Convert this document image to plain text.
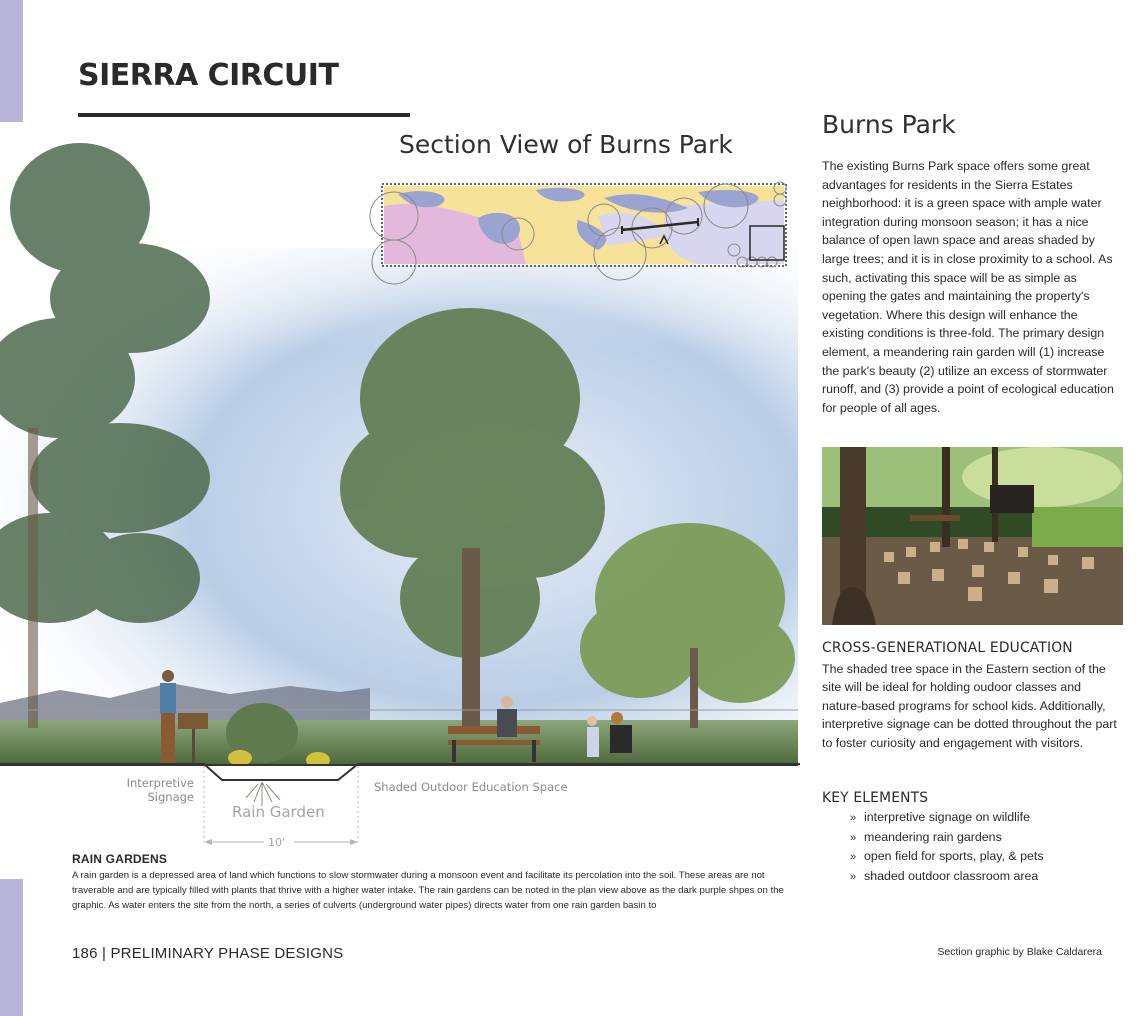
SIERRA CIRCUIT
Section View of Burns Park
Interpretive Signage
Shaded Outdoor Education Space
Rain Garden
10'
RAIN GARDENS
A rain garden is a depressed area of land which functions to slow stormwater during a monsoon event and facilitate its percolation into the soil. These areas are not traverable and are typically filled with plants that thrive with a higher water intake. The rain gardens can be noted in the plan view above as the dark purple shpes on the graphic. As water enters the site from the north, a series of culverts (underground water pipes) directs water from one rain garden basin to
186 | PRELIMINARY PHASE DESIGNS	Section graphic by Blake Caldarera
Burns Park
The existing Burns Park space offers some great advantages for residents in the Sierra Estates neighborhood: it is a green space with ample water integration during monsoon season; it has a nice balance of open lawn space and areas shaded by large trees; and it is in close proximity to a school. As such, activating this space will be as simple as opening the gates and maintaining the property's vegetation. Where this design will enhance the existing conditions is three-fold. The primary design element, a meandering rain garden will (1) increase the park's beauty (2) utilize an excess of stormwater runoff, and (3) provide a point of ecological education for people of all ages.
CROSS-GENERATIONAL EDUCATION
The shaded tree space in the Eastern section of the site will be ideal for holding oudoor classes and nature-based programs for school kids. Additionally, interpretive signage can be dotted throughout the part to foster curiosity and engagement with visitors.
KEY ELEMENTS
» interpretive signage on wildlife
» meandering rain gardens
» open field for sports, play, & pets
» shaded outdoor classroom area
